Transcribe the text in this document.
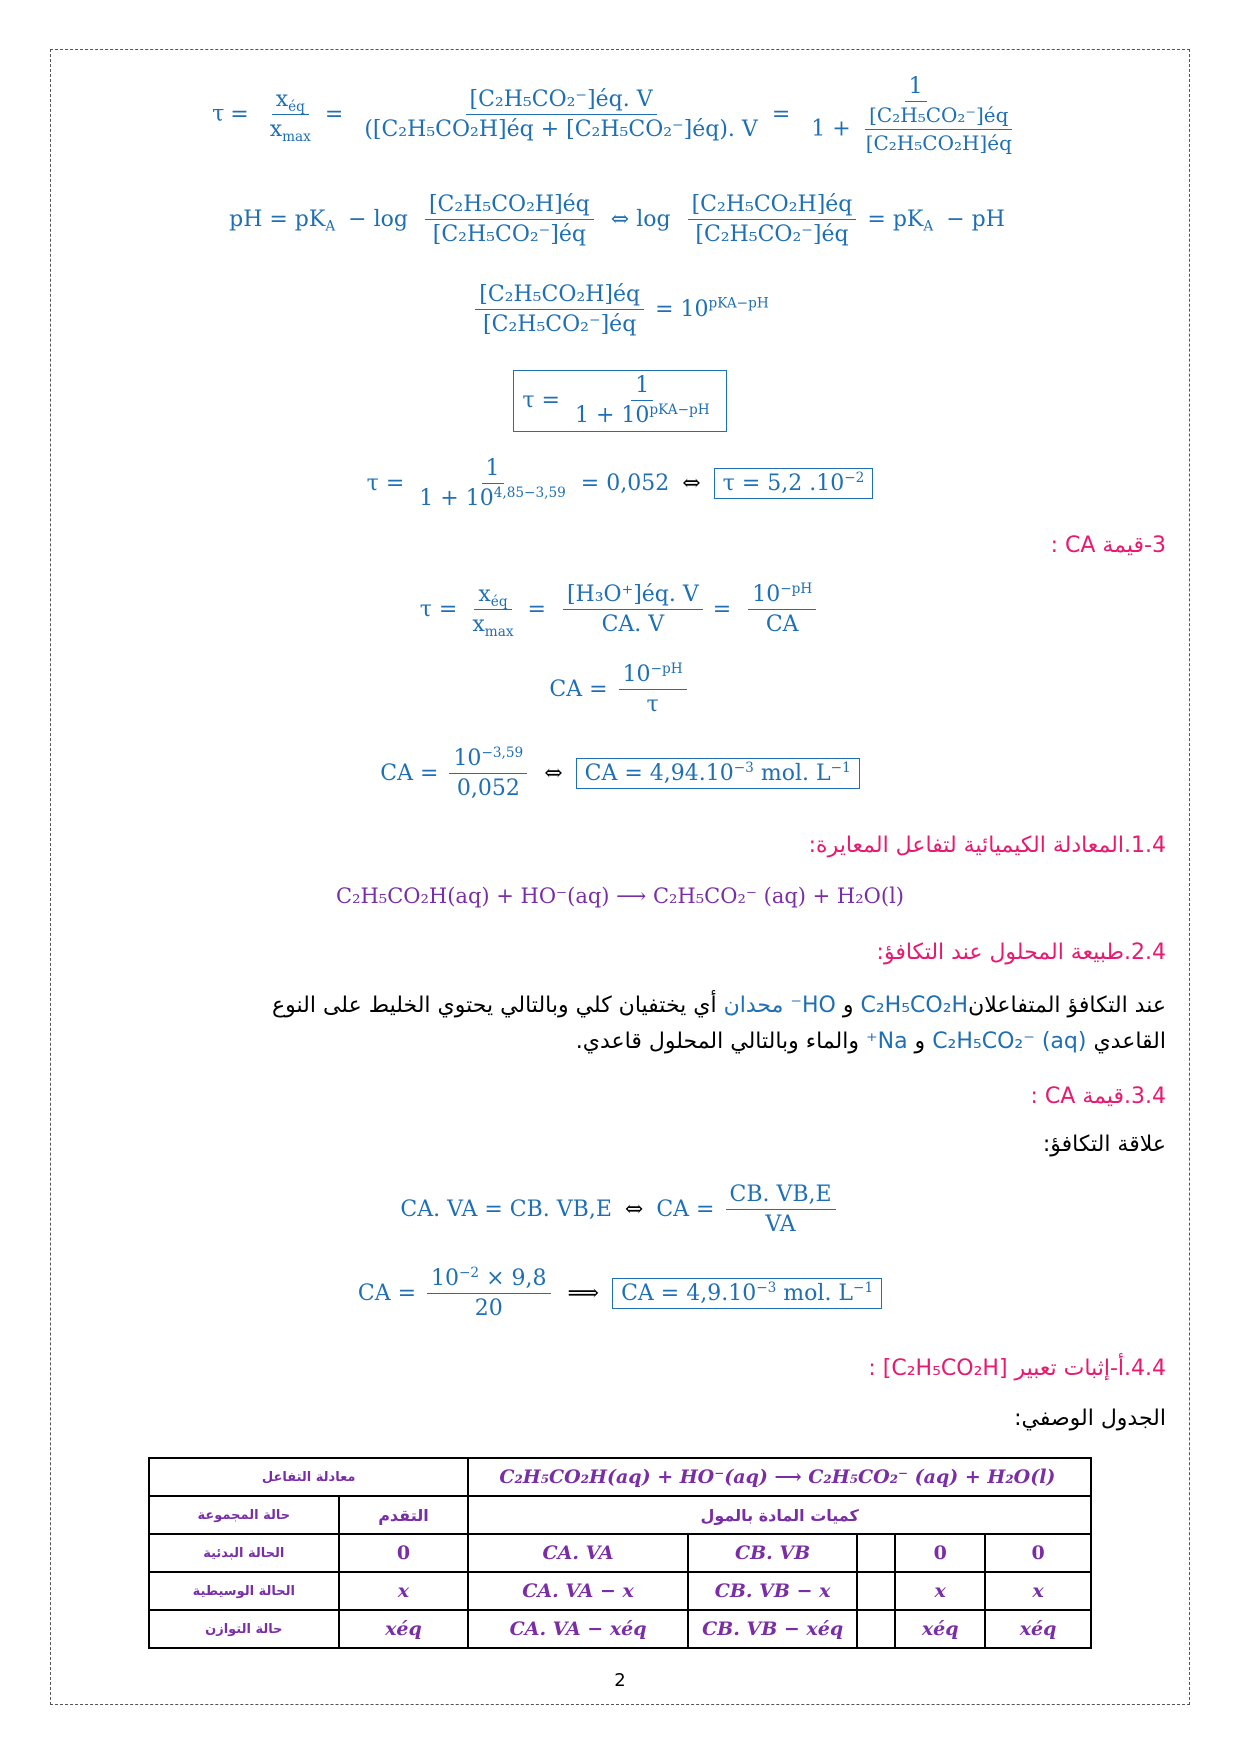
$\tau = \frac{x_{éq}}{x_{max}} = \frac{\text{[C₂H₅CO₂⁻]éq. V}}{\text{([C₂H₅CO₂H]éq + [C₂H₅CO₂⁻]éq). V}} = \frac{1}{1 + \frac{\text{[C₂H₅CO₂⁻]éq}}{\text{[C₂H₅CO₂H]éq}}}$
pH = $pK_A - \log \frac{\text{[C₂H₅CO₂H]éq}}{\text{[C₂H₅CO₂⁻]éq}}$ ⇔ $\log \frac{\text{[C₂H₅CO₂H]éq}}{\text{[C₂H₅CO₂⁻]éq}} = pK_A$ − pH
$\frac{\text{[C₂H₅CO₂H]éq}}{\text{[C₂H₅CO₂⁻]éq}} = 10^{pKA-pH}$
$\tau = \frac{1}{1 + 10^{pKA-pH}}$
$\tau = \frac{1}{1 + 10^{4,85-3,59}} = 0,052$ ⇔ τ = 5,2 $.10^{-2}$
3-قيمة CA :
$\tau = \frac{x_{éq}}{x_{max}} = \frac{\text{[H₃O⁺]éq. V}}{CA. V} = \frac{10^{-pH}}{CA}$
CA = $\frac{10^{-pH}}{\tau}$
CA = $\frac{10^{-3,59}}{0,052}$ ⇔ CA = $4,94.10^{-3}$ mol. $L^{-1}$
1.4.المعادلة الكيميائية لتفاعل المعايرة:
C₂H₅CO₂H(aq) + HO⁻(aq) ⟶ C₂H₅CO₂⁻ (aq) + H₂O(l)
2.4.طبيعة المحلول عند التكافؤ:
عند التكافؤ المتفاعلانC₂H₅CO₂H و HO⁻ محدان أي يختفيان كلي وبالتالي يحتوي الخليط على النوع
القاعدي C₂H₅CO₂⁻ (aq) و Na⁺ والماء وبالتالي المحلول قاعدي.
3.4.قيمة CA :
علاقة التكافؤ:
CA. VA = CB. VB,E ⇔ CA = $\frac{CB. VB,E}{VA}$
CA = $\frac{10^{-2} \times 9,8}{20}$ ⟹ CA = $4,9.10^{-3}$ mol. $L^{-1}$
4.4.أ-إثبات تعبير [C₂H₅CO₂H] :
الجدول الوصفي:
معادلة التفاعل		C₂H₅CO₂H(aq) + HO⁻(aq) ⟶ C₂H₅CO₂⁻ (aq) + H₂O(l)				
حالة المجموعة	التقدم	كميات المادة بالمول				
الحالة البدئية	0	CA. VA	CB. VB		0	0
الحالة الوسيطية	x	CA. VA − x	CB. VB − x		x	x
حالة التوازن	xéq	CA. VA − xéq	CB. VB − xéq		xéq	xéq
2
